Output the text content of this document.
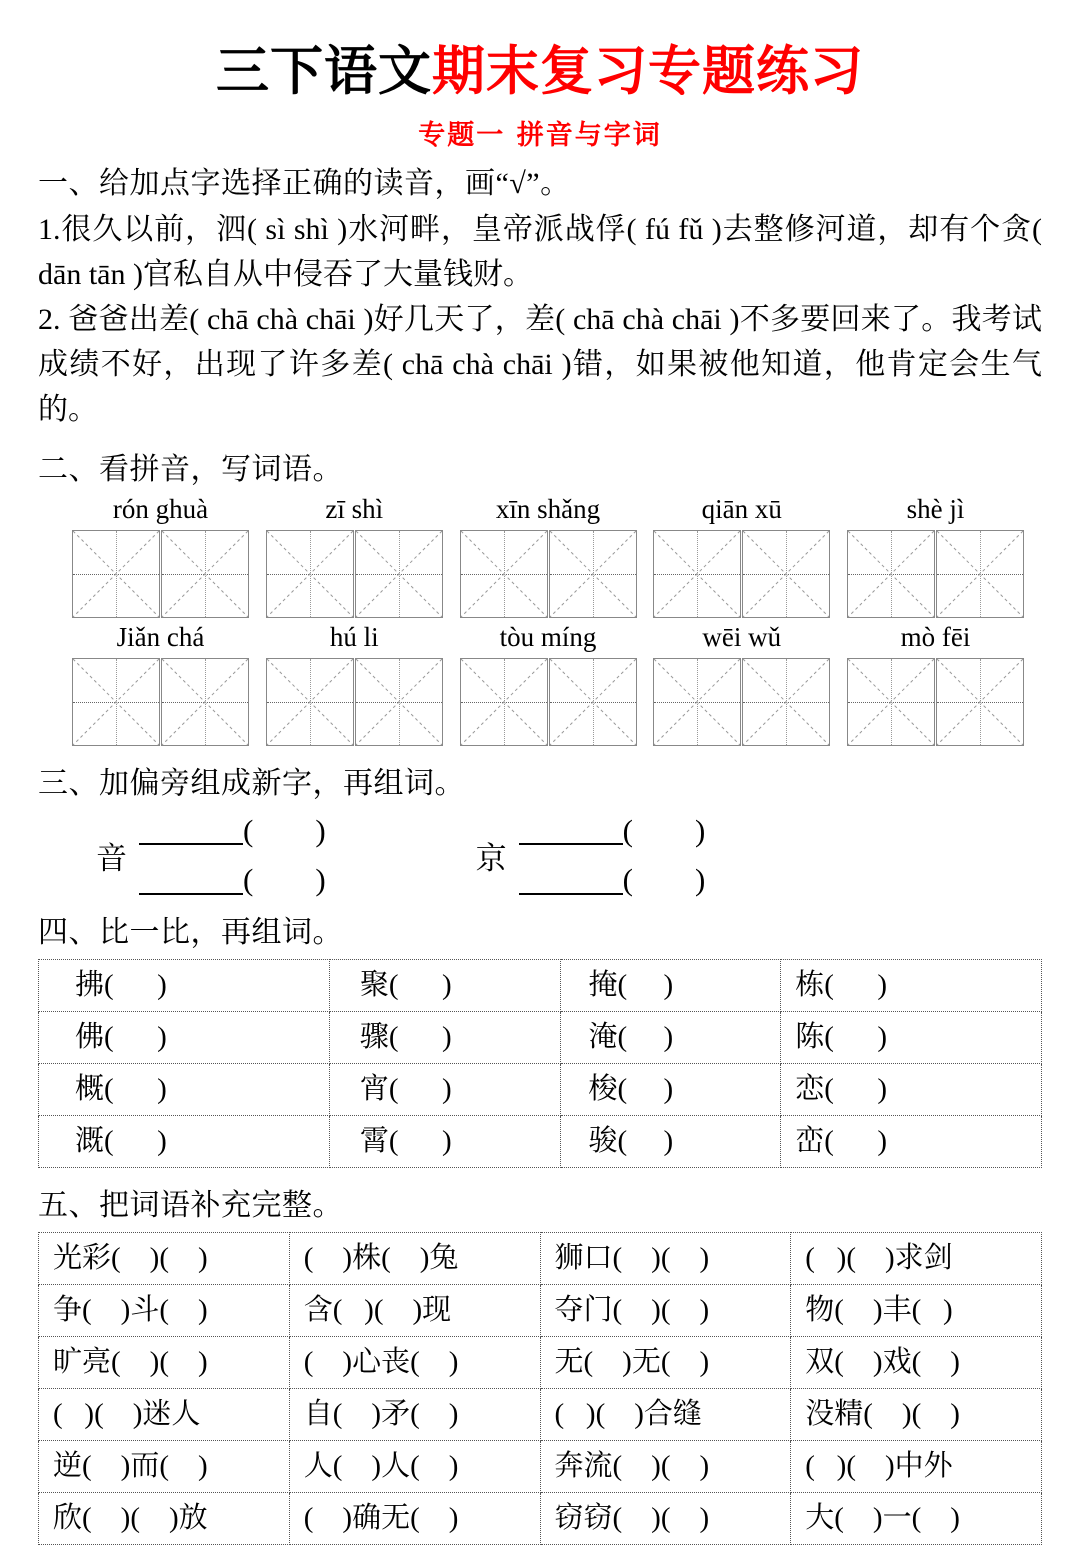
三下语文期末复习专题练习
专题一 拼音与字词
一、给加点字选择正确的读音，画“√”。
1.很久以前，泗( sì shì )水河畔，皇帝派战俘( fú fǔ )去整修河道，却有个贪( dān tān )官私自从中侵吞了大量钱财。
2. 爸爸出差( chā chà chāi )好几天了，差( chā chà chāi )不多要回来了。我考试成绩不好，出现了许多差( chā chà chāi )错，如果被他知道，他肯定会生气的。
二、看拼音，写词语。
rón ghuà	zī shì	xīn shǎng	qiān xū	shè jì
Jiǎn chá	hú li	tòu míng	wēi wǔ	mò fēi
三、加偏旁组成新字，再组词。
音
(        )
(        )
京
(        )
(        )
四、比一比，再组词。
拂(      )	聚(      )	掩(     )	栋(      )
佛(      )	骤(      )	淹(     )	陈(      )
概(      )	宵(      )	梭(     )	恋(      )
溉(      )	霄(      )	骏(     )	峦(      )
五、把词语补充完整。
光彩(    )(    )	(    )株(    )兔	狮口(    )(    )	(   )(    )求剑
争(    )斗(    )	含(   )(    )现	夺门(    )(    )	物(    )丰(   )
旷亮(    )(    )	(    )心丧(    )	无(    )无(    )	双(    )戏(    )
(   )(    )迷人	自(    )矛(    )	(   )(    )合缝	没精(    )(    )
逆(    )而(    )	人(    )人(    )	奔流(    )(    )	(   )(    )中外
欣(    )(    )放	(    )确无(    )	窃窃(    )(    )	大(    )一(    )
